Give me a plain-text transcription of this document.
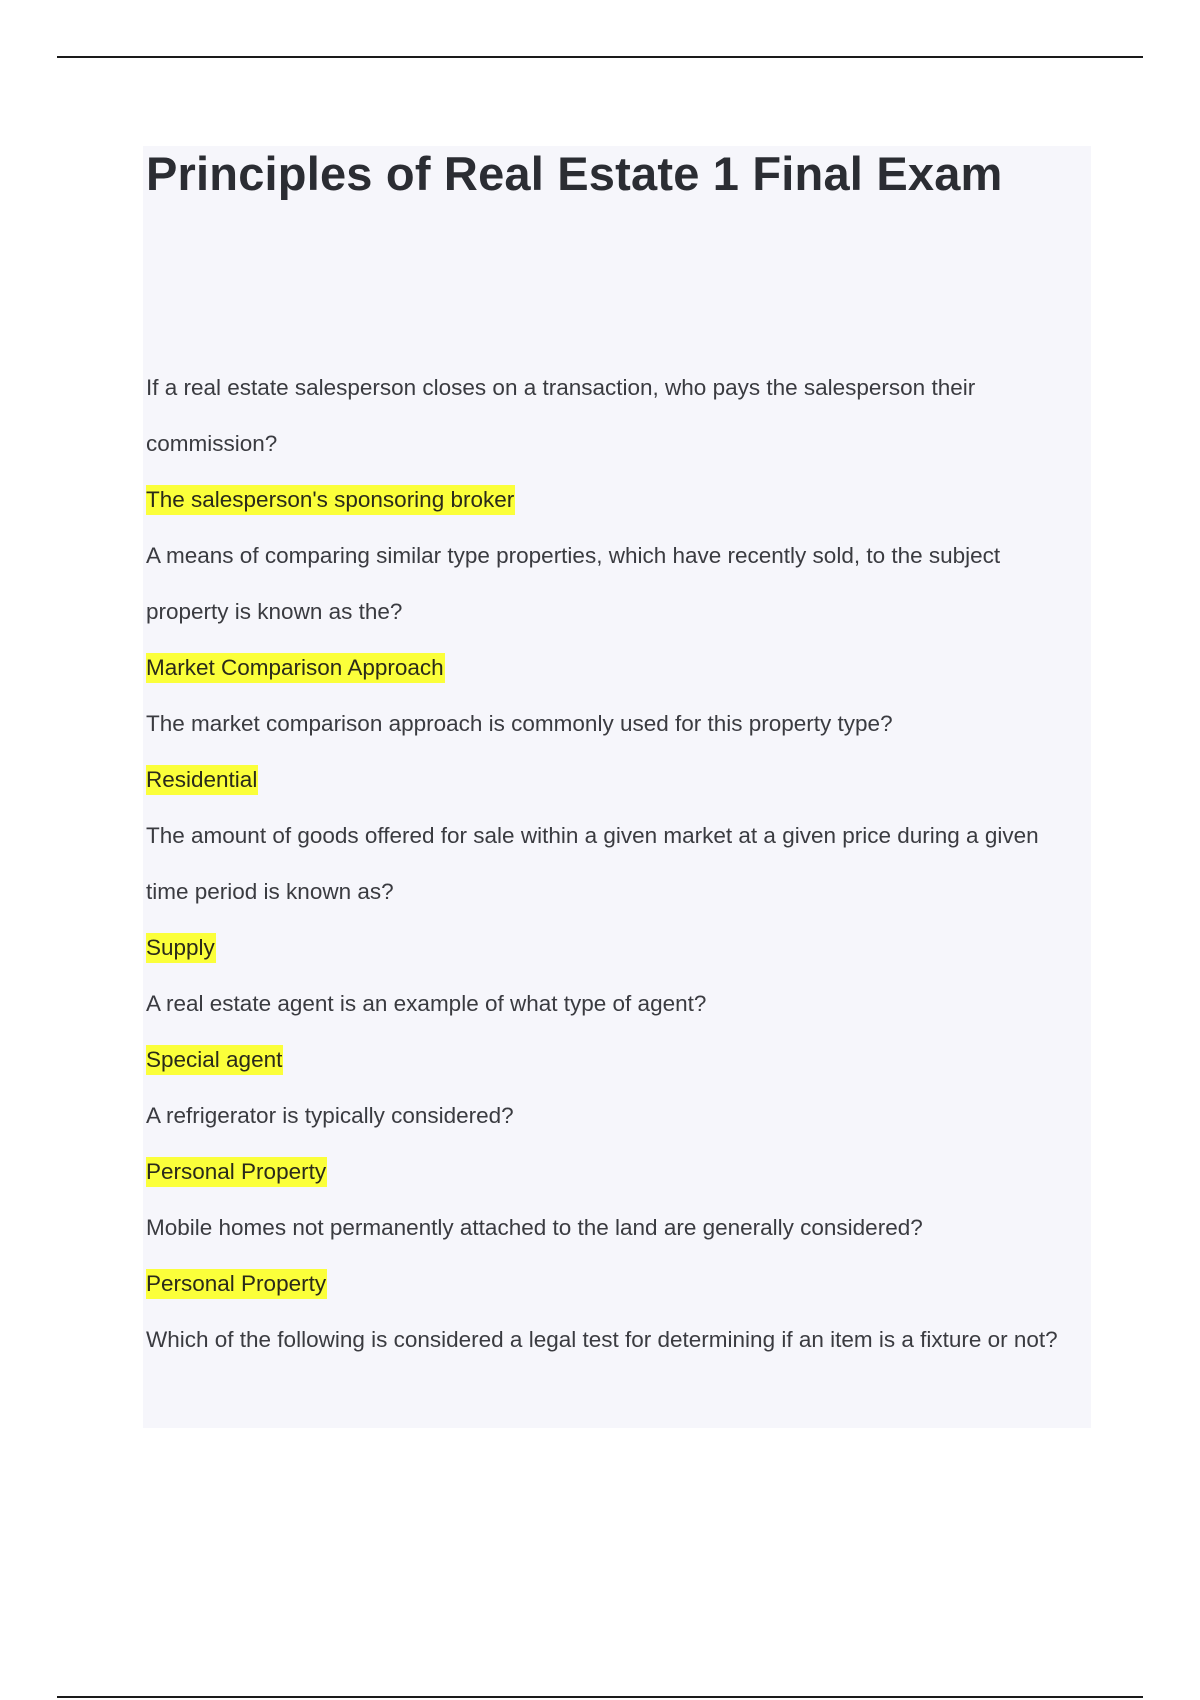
Principles of Real Estate 1 Final Exam

If a real estate salesperson closes on a transaction, who pays the salesperson their commission?

The salesperson's sponsoring broker

A means of comparing similar type properties, which have recently sold, to the subject property is known as the?

Market Comparison Approach

The market comparison approach is commonly used for this property type?

Residential

The amount of goods offered for sale within a given market at a given price during a given time period is known as?

Supply

A real estate agent is an example of what type of agent?

Special agent

A refrigerator is typically considered?

Personal Property

Mobile homes not permanently attached to the land are generally considered?

Personal Property

Which of the following is considered a legal test for determining if an item is a fixture or not?
